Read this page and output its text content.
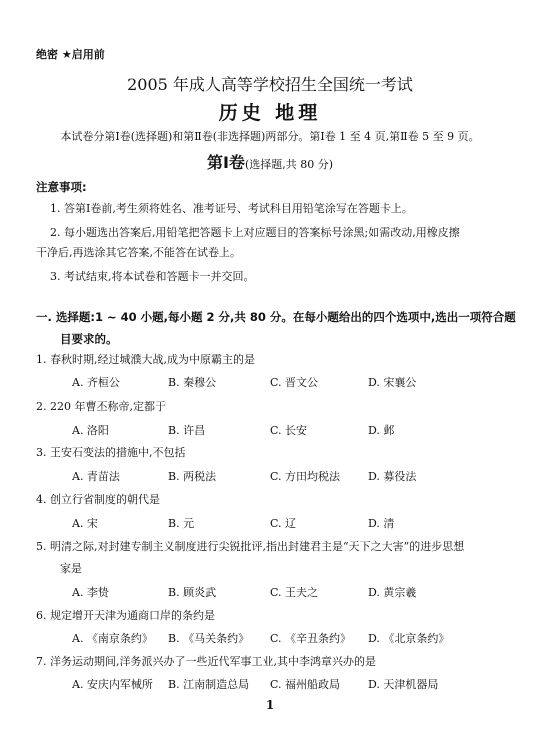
绝密 ★启用前
2005 年成人高等学校招生全国统一考试
历史 地理
本试卷分第Ⅰ卷(选择题)和第Ⅱ卷(非选择题)两部分。第Ⅰ卷 1 至 4 页,第Ⅱ卷 5 至 9 页。
第Ⅰ卷(选择题,共 80 分)
注意事项:
1. 答第Ⅰ卷前,考生须将姓名、准考证号、考试科目用铅笔涂写在答题卡上。
2. 每小题选出答案后,用铅笔把答题卡上对应题目的答案标号涂黑;如需改动,用橡皮擦
干净后,再选涂其它答案,不能答在试卷上。
3. 考试结束,将本试卷和答题卡一并交回。
一. 选择题:1 ~ 40 小题,每小题 2 分,共 80 分。在每小题给出的四个选项中,选出一项符合题
目要求的。
1. 春秋时期,经过城濮大战,成为中原霸主的是
A. 齐桓公	B. 秦穆公	C. 晋文公	D. 宋襄公
2. 220 年曹丕称帝,定都于
A. 洛阳	B. 许昌	C. 长安	D. 邺
3. 王安石变法的措施中,不包括
A. 青苗法	B. 两税法	C. 方田均税法	D. 募役法
4. 创立行省制度的朝代是
A. 宋	B. 元	C. 辽	D. 清
5. 明清之际,对封建专制主义制度进行尖锐批评,指出封建君主是“天下之大害”的进步思想
家是
A. 李贽	B. 顾炎武	C. 王夫之	D. 黄宗羲
6. 规定增开天津为通商口岸的条约是
A. 《南京条约》 B. 《马关条约》 C. 《辛丑条约》 D. 《北京条约》
7. 洋务运动期间,洋务派兴办了一些近代军事工业,其中李鸿章兴办的是
A. 安庆内军械所 B. 江南制造总局 C. 福州船政局	D. 天津机器局
1
